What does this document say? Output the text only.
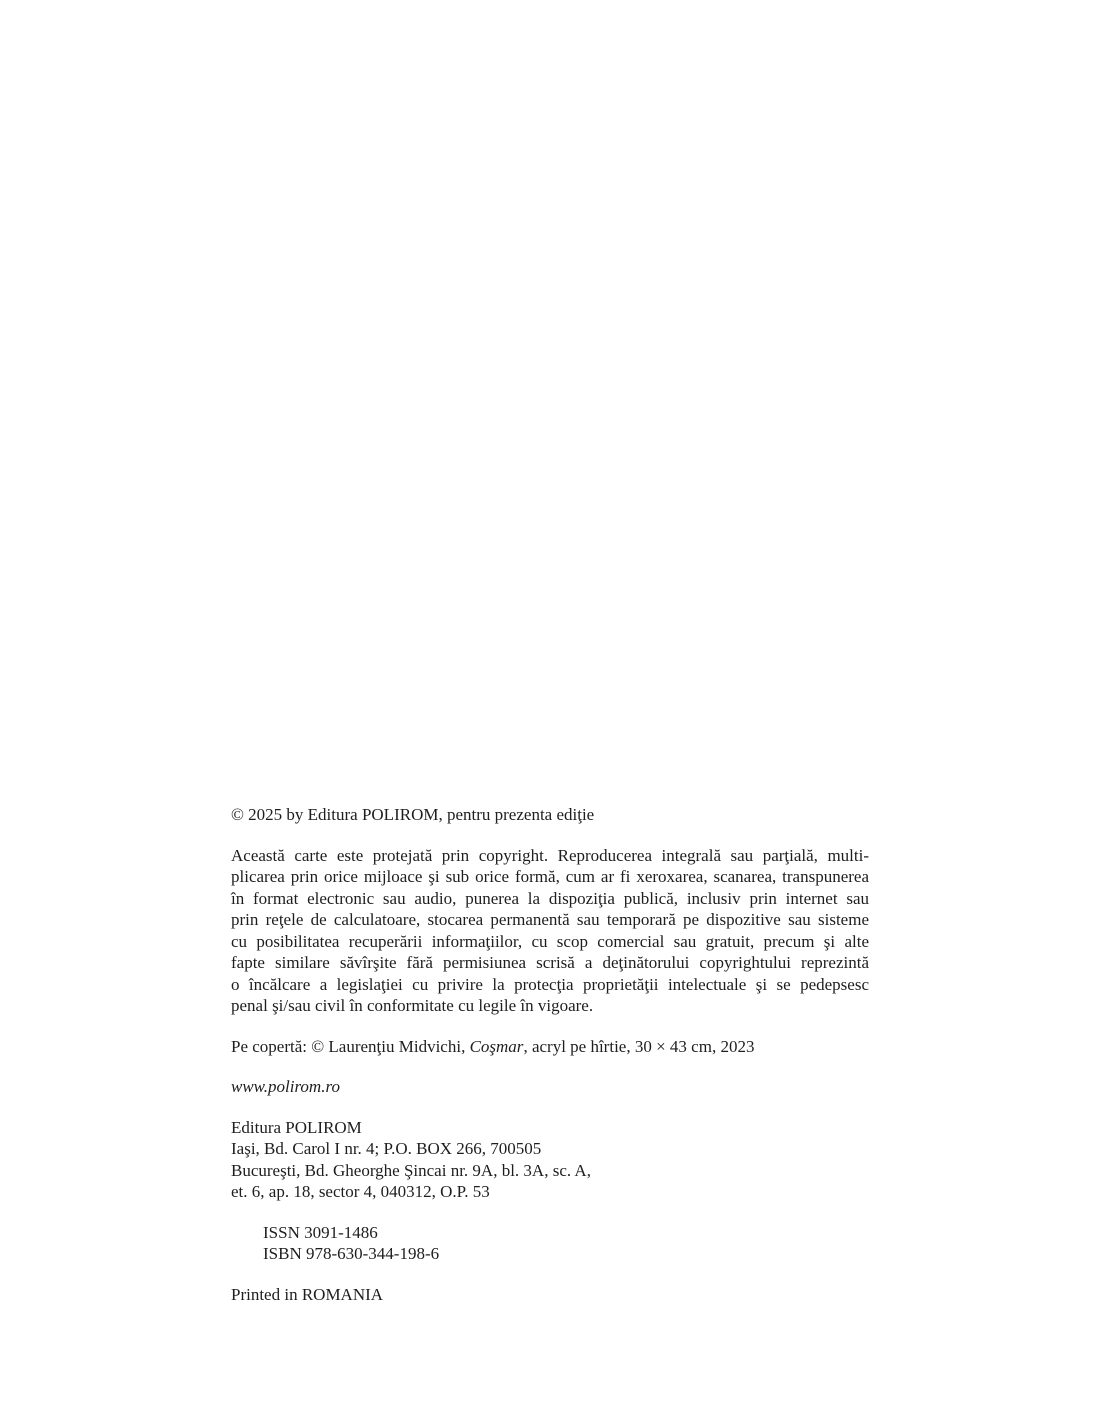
© 2025 by Editura POLIROM, pentru prezenta ediţie

Această carte este protejată prin copyright. Reproducerea integrală sau parţială, multi-
plicarea prin orice mijloace şi sub orice formă, cum ar fi xeroxarea, scanarea, transpunerea
în format electronic sau audio, punerea la dispoziţia publică, inclusiv prin internet sau
prin reţele de calculatoare, stocarea permanentă sau temporară pe dispozitive sau sisteme
cu posibilitatea recuperării informaţiilor, cu scop comercial sau gratuit, precum şi alte
fapte similare săvîrşite fără permisiunea scrisă a deţinătorului copyrightului reprezintă
o încălcare a legislaţiei cu privire la protecţia proprietăţii intelectuale şi se pedepsesc
penal şi/sau civil în conformitate cu legile în vigoare.

Pe copertă: © Laurenţiu Midvichi, Coşmar, acryl pe hîrtie, 30 × 43 cm, 2023

www.polirom.ro

Editura POLIROM
Iaşi, Bd. Carol I nr. 4; P.O. BOX 266, 700505
Bucureşti, Bd. Gheorghe Şincai nr. 9A, bl. 3A, sc. A,
et. 6, ap. 18, sector 4, 040312, O.P. 53
ISSN 3091-1486
ISBN 978-630-344-198-6

Printed in ROMANIA
